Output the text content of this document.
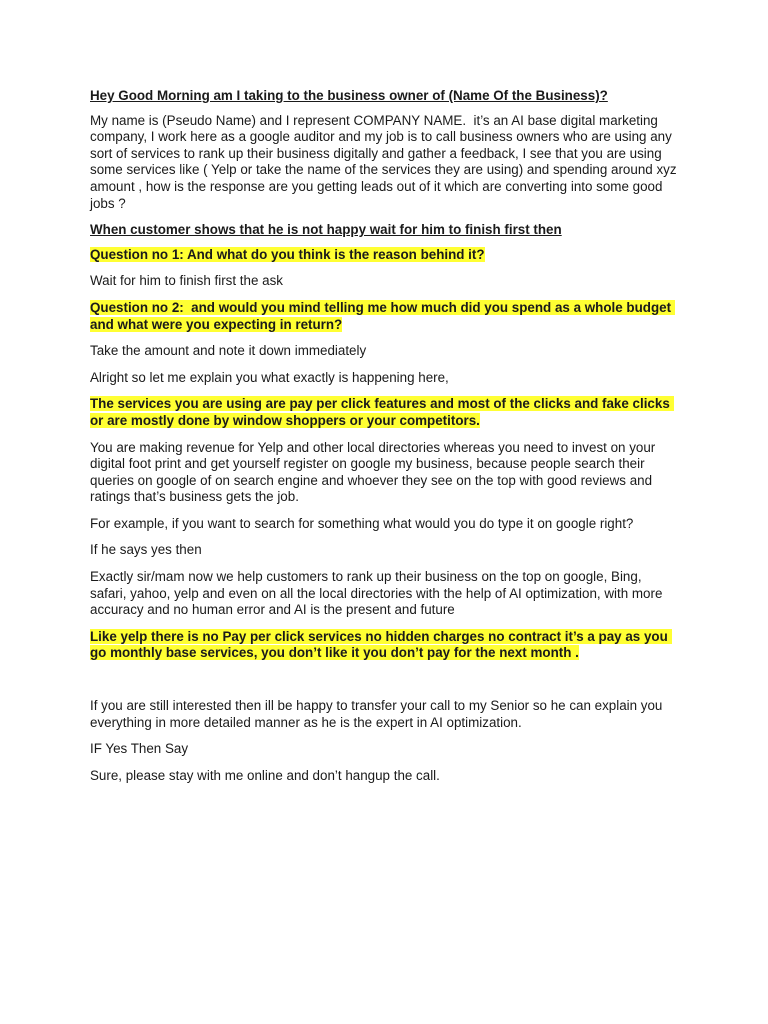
Hey Good Morning am I taking to the business owner of (Name Of the Business)?

My name is (Pseudo Name) and I represent COMPANY NAME.  it’s an AI base digital marketing company, I work here as a google auditor and my job is to call business owners who are using any sort of services to rank up their business digitally and gather a feedback, I see that you are using some services like ( Yelp or take the name of the services they are using) and spending around xyz amount , how is the response are you getting leads out of it which are converting into some good jobs ?

When customer shows that he is not happy wait for him to finish first then

Question no 1: And what do you think is the reason behind it?

Wait for him to finish first the ask

Question no 2:  and would you mind telling me how much did you spend as a whole budget and what were you expecting in return?

Take the amount and note it down immediately

Alright so let me explain you what exactly is happening here,

The services you are using are pay per click features and most of the clicks and fake clicks or are mostly done by window shoppers or your competitors.

You are making revenue for Yelp and other local directories whereas you need to invest on your digital foot print and get yourself register on google my business, because people search their queries on google of on search engine and whoever they see on the top with good reviews and ratings that’s business gets the job.

For example, if you want to search for something what would you do type it on google right?

If he says yes then

Exactly sir/mam now we help customers to rank up their business on the top on google, Bing, safari, yahoo, yelp and even on all the local directories with the help of AI optimization, with more accuracy and no human error and AI is the present and future

Like yelp there is no Pay per click services no hidden charges no contract it’s a pay as you go monthly base services, you don’t like it you don’t pay for the next month .

If you are still interested then ill be happy to transfer your call to my Senior so he can explain you everything in more detailed manner as he is the expert in AI optimization.

IF Yes Then Say

Sure, please stay with me online and don’t hangup the call.
